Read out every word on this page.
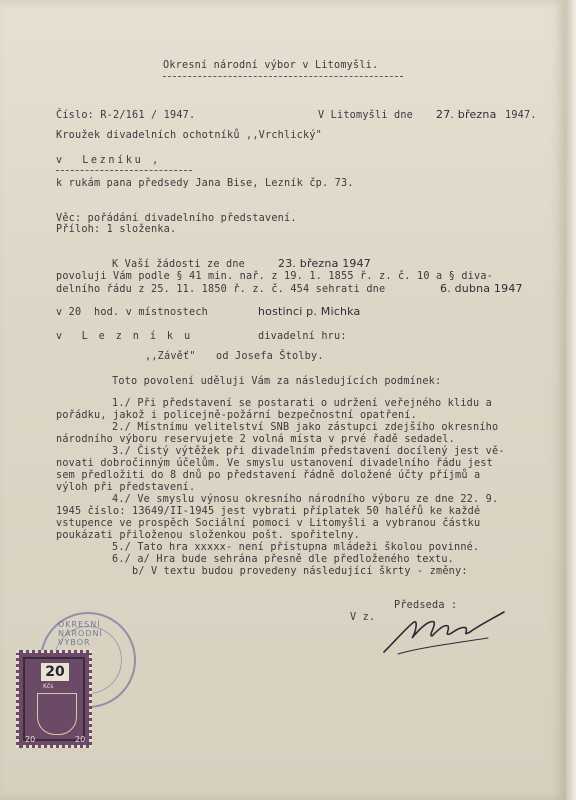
Okresní národní výbor v Litomyšli.
Číslo: R-2/161 / 1947.	V Litomyšli dne 27. března 1947.
Kroužek divadelních ochotníků ,,Vrchlický"
v  Lezníku ,
k rukám pana předsedy Jana Bise, Lezník čp. 73.
Věc: pořádání divadelního představení.
Příloh: 1 složenka.
K Vaší žádosti ze dne	23. března 1947
povoluji Vám podle § 41 min. nař. z 19. 1. 1855 ř. z. č. 10 a § diva-
delního řádu z 25. 11. 1850 ř. z. č. 454 sehrati dne	6. dubna 1947
v 20  hod. v místnostech	hostinci p. Michka
v  L e z n í k u	divadelní hru:
,,Závěť" od Josefa Štolby.
Toto povolení uděluji Vám za následujících podmínek:
1./ Při představení se postarati o udržení veřejného klidu a
pořádku, jakož i policejně-požární bezpečnostní opatření.
2./ Místnímu velitelství SNB jako zástupci zdejšího okresního
národního výboru reservujete 2 volná místa v prvé řadě sedadel.
3./ Čistý výtěžek při divadelním představení docílený jest vě-
novati dobročinným účelům. Ve smyslu ustanovení divadelního řádu jest
sem předložiti do 8 dnů po představení řádně doložené účty příjmů a
výloh při představení.
4./ Ve smyslu výnosu okresního národního výboru ze dne 22. 9.
1945 číslo: 13649/II-1945 jest vybrati příplatek 50 haléřů ke každé
vstupence ve prospěch Sociální pomoci v Litomyšli a vybranou částku
poukázati přiloženou složenkou pošt. spořitelny.
5./ Tato hra xxxxx- není přístupna mládeži školou povinné.
6./ a/ Hra bude sehrána přesně dle předloženého textu.
b/ V textu budou provedeny následující škrty - změny:
Předseda :
V z.
OKRESNÍ NÁRODNÍ VÝBOR
20
Kčs
20	20
